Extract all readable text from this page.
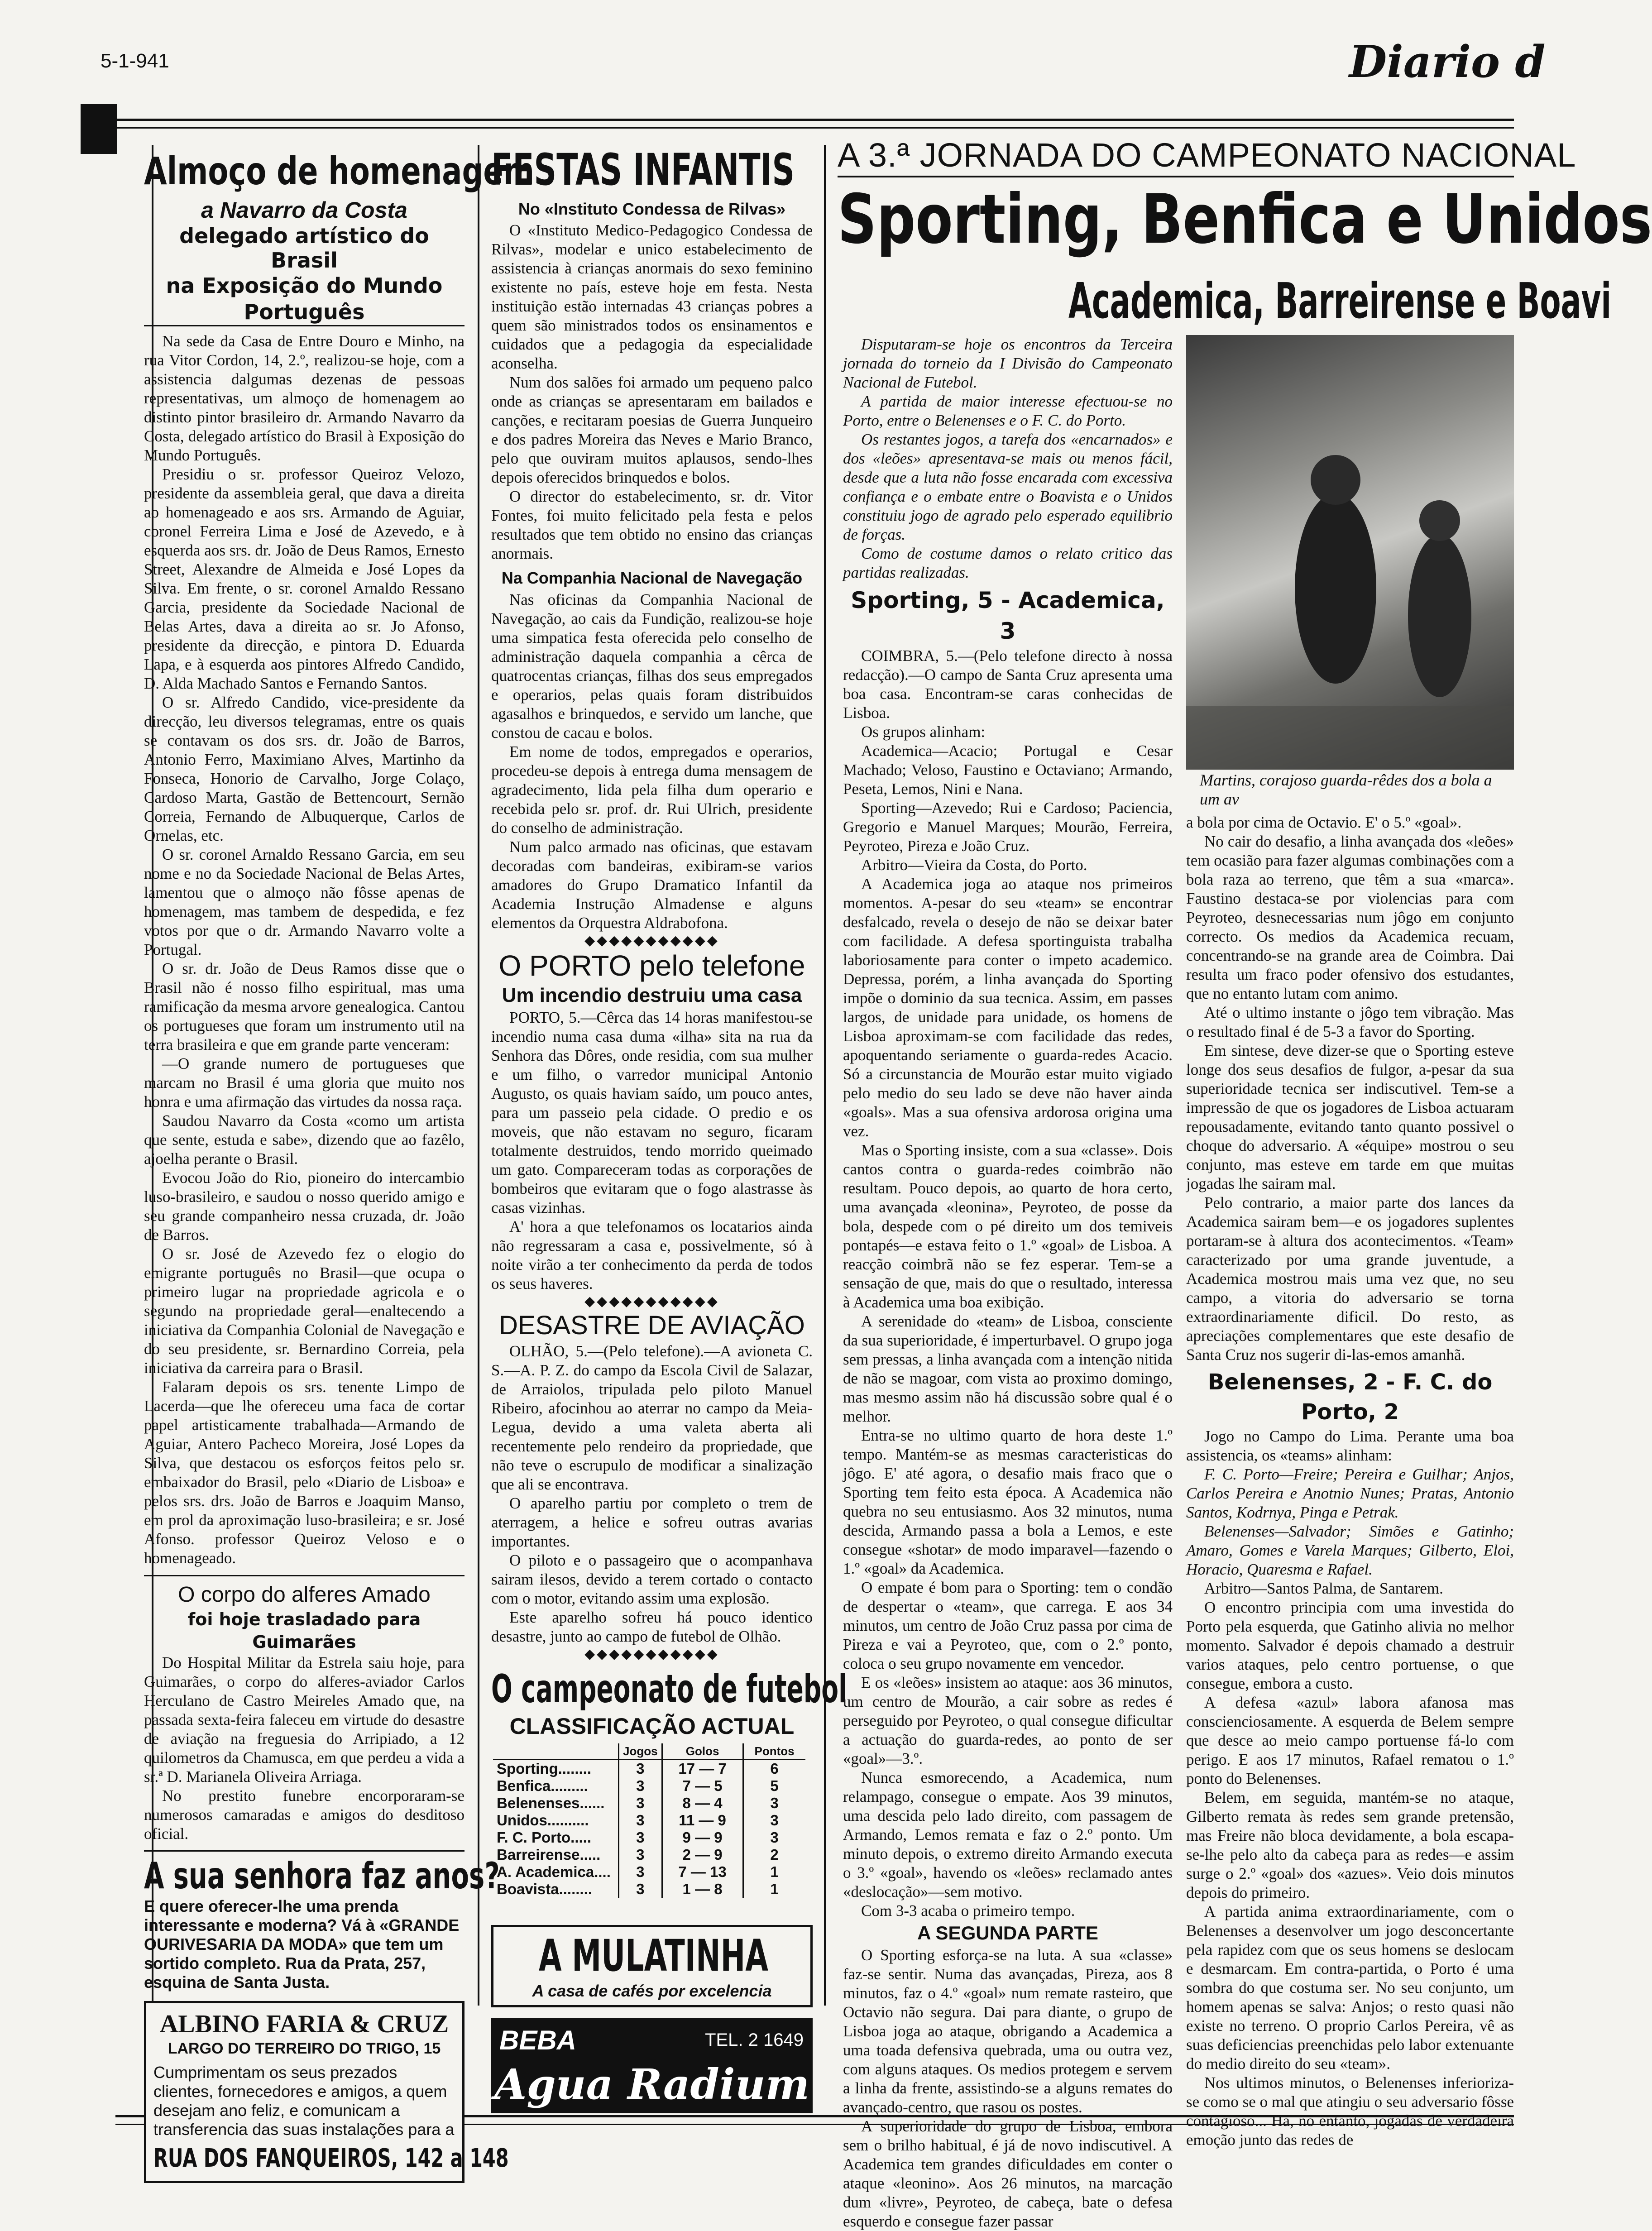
5-1-941	Diario d
Almoço de homenagem
a Navarro da Costa
delegado artístico do Brasil
na Exposição do Mundo Português

Na sede da Casa de Entre Douro e Minho, na rua Vitor Cordon, 14, 2.º, realizou-se hoje, com a assistencia dalgumas dezenas de pessoas representativas, um almoço de homenagem ao distinto pintor brasileiro dr. Armando Navarro da Costa, delegado artístico do Brasil à Exposição do Mundo Português.

Presidiu o sr. professor Queiroz Velozo, presidente da assembleia geral, que dava a direita ao homenageado e aos srs. Armando de Aguiar, coronel Ferreira Lima e José de Azevedo, e à esquerda aos srs. dr. João de Deus Ramos, Ernesto Street, Alexandre de Almeida e José Lopes da Silva. Em frente, o sr. coronel Arnaldo Ressano Garcia, presidente da Sociedade Nacional de Belas Artes, dava a direita ao sr. Jo Afonso, presidente da direcção, e pintora D. Eduarda Lapa, e à esquerda aos pintores Alfredo Candido, D. Alda Machado Santos e Fernando Santos.

O sr. Alfredo Candido, vice-presidente da direcção, leu diversos telegramas, entre os quais se contavam os dos srs. dr. João de Barros, Antonio Ferro, Maximiano Alves, Martinho da Fonseca, Honorio de Carvalho, Jorge Colaço, Cardoso Marta, Gastão de Bettencourt, Sernão Correia, Fernando de Albuquerque, Carlos de Ornelas, etc.

O sr. coronel Arnaldo Ressano Garcia, em seu nome e no da Sociedade Nacional de Belas Artes, lamentou que o almoço não fôsse apenas de homenagem, mas tambem de despedida, e fez votos por que o dr. Armando Navarro volte a Portugal.

O sr. dr. João de Deus Ramos disse que o Brasil não é nosso filho espiritual, mas uma ramificação da mesma arvore genealogica. Cantou os portugueses que foram um instrumento util na terra brasileira e que em grande parte venceram:

—O grande numero de portugueses que marcam no Brasil é uma gloria que muito nos honra e uma afirmação das virtudes da nossa raça.

Saudou Navarro da Costa «como um artista que sente, estuda e sabe», dizendo que ao fazêlo, ajoelha perante o Brasil.

Evocou João do Rio, pioneiro do intercambio luso-brasileiro, e saudou o nosso querido amigo e seu grande companheiro nessa cruzada, dr. João de Barros.

O sr. José de Azevedo fez o elogio do emigrante português no Brasil—que ocupa o primeiro lugar na propriedade agricola e o segundo na propriedade geral—enaltecendo a iniciativa da Companhia Colonial de Navegação e do seu presidente, sr. Bernardino Correia, pela iniciativa da carreira para o Brasil.

Falaram depois os srs. tenente Limpo de Lacerda—que lhe ofereceu uma faca de cortar papel artisticamente trabalhada—Armando de Aguiar, Antero Pacheco Moreira, José Lopes da Silva, que destacou os esforços feitos pelo sr. embaixador do Brasil, pelo «Diario de Lisboa» e pelos srs. drs. João de Barros e Joaquim Manso, em prol da aproximação luso-brasileira; e sr. José Afonso. professor Queiroz Veloso e o homenageado.

O corpo do alferes Amado
foi hoje trasladado para Guimarães

Do Hospital Militar da Estrela saiu hoje, para Guimarães, o corpo do alferes-aviador Carlos Herculano de Castro Meireles Amado que, na passada sexta-feira faleceu em virtude do desastre de aviação na freguesia do Arripiado, a 12 quilometros da Chamusca, em que perdeu a vida a sr.ª D. Marianela Oliveira Arriaga.

No prestito funebre encorporaram-se numerosos camaradas e amigos do desditoso oficial.

A sua senhora faz anos?
E quere oferecer-lhe uma prenda interessante e moderna? Vá à «GRANDE OURIVESARIA DA MODA» que tem um sortido completo. Rua da Prata, 257, esquina de Santa Justa.
ALBINO FARIA & CRUZ
LARGO DO TERREIRO DO TRIGO, 15
Cumprimentam os seus prezados clientes, fornecedores e amigos, a quem desejam ano feliz, e comunicam a transferencia das suas instalações para a
RUA DOS FANQUEIROS, 142 a 148
FESTAS INFANTIS
No «Instituto Condessa de Rilvas»

O «Instituto Medico-Pedagogico Condessa de Rilvas», modelar e unico estabelecimento de assistencia à crianças anormais do sexo feminino existente no país, esteve hoje em festa. Nesta instituição estão internadas 43 crianças pobres a quem são ministrados todos os ensinamentos e cuidados que a pedagogia da especialidade aconselha.

Num dos salões foi armado um pequeno palco onde as crianças se apresentaram em bailados e canções, e recitaram poesias de Guerra Junqueiro e dos padres Moreira das Neves e Mario Branco, pelo que ouviram muitos aplausos, sendo-lhes depois oferecidos brinquedos e bolos.

O director do estabelecimento, sr. dr. Vitor Fontes, foi muito felicitado pela festa e pelos resultados que tem obtido no ensino das crianças anormais.

Na Companhia Nacional de Navegação

Nas oficinas da Companhia Nacional de Navegação, ao cais da Fundição, realizou-se hoje uma simpatica festa oferecida pelo conselho de administração daquela companhia a cêrca de quatrocentas crianças, filhas dos seus empregados e operarios, pelas quais foram distribuidos agasalhos e brinquedos, e servido um lanche, que constou de cacau e bolos.

Em nome de todos, empregados e operarios, procedeu-se depois à entrega duma mensagem de agradecimento, lida pela filha dum operario e recebida pelo sr. prof. dr. Rui Ulrich, presidente do conselho de administração.

Num palco armado nas oficinas, que estavam decoradas com bandeiras, exibiram-se varios amadores do Grupo Dramatico Infantil da Academia Instrução Almadense e alguns elementos da Orquestra Aldrabofona.

◆◆◆◆◆◆◆◆◆◆◆
O PORTO pelo telefone
Um incendio destruiu uma casa

PORTO, 5.—Cêrca das 14 horas manifestou-se incendio numa casa duma «ilha» sita na rua da Senhora das Dôres, onde residia, com sua mulher e um filho, o varredor municipal Antonio Augusto, os quais haviam saído, um pouco antes, para um passeio pela cidade. O predio e os moveis, que não estavam no seguro, ficaram totalmente destruidos, tendo morrido queimado um gato. Compareceram todas as corporações de bombeiros que evitaram que o fogo alastrasse às casas vizinhas.

A' hora a que telefonamos os locatarios ainda não regressaram a casa e, possivelmente, só à noite virão a ter conhecimento da perda de todos os seus haveres.

◆◆◆◆◆◆◆◆◆◆◆
DESASTRE DE AVIAÇÃO

OLHÃO, 5.—(Pelo telefone).—A avioneta C. S.—A. P. Z. do campo da Escola Civil de Salazar, de Arraiolos, tripulada pelo piloto Manuel Ribeiro, afocinhou ao aterrar no campo da Meia-Legua, devido a uma valeta aberta ali recentemente pelo rendeiro da propriedade, que não teve o escrupulo de modificar a sinalização que ali se encontrava.

O aparelho partiu por completo o trem de aterragem, a helice e sofreu outras avarias importantes.

O piloto e o passageiro que o acompanhava sairam ilesos, devido a terem cortado o contacto com o motor, evitando assim uma explosão.

Este aparelho sofreu há pouco identico desastre, junto ao campo de futebol de Olhão.

◆◆◆◆◆◆◆◆◆◆◆
O campeonato de futebol
CLASSIFICAÇÃO ACTUAL
	Jogos	Golos	Pontos
Sporting........	3	17 — 7	6
Benfica.........	3	7 — 5	5
Belenenses......	3	8 — 4	3
Unidos..........	3	11 — 9	3
F. C. Porto.....	3	9 — 9	3
Barreirense.....	3	2 — 9	2
A. Academica....	3	7 — 13	1
Boavista........	3	1 — 8	1
A MULATINHA
A casa de cafés por excelencia
BEBA	TEL. 2 1649
Agua Radium
A 3.ª JORNADA DO CAMPEONATO NACIONAL
Sporting, Benfica e Unidos
Academica, Barreirense e Boavi

Disputaram-se hoje os encontros da Terceira jornada do torneio da I Divisão do Campeonato Nacional de Futebol.

A partida de maior interesse efectuou-se no Porto, entre o Belenenses e o F. C. do Porto.

Os restantes jogos, a tarefa dos «encarnados» e dos «leões» apresentava-se mais ou menos fácil, desde que a luta não fosse encarada com excessiva confiança e o embate entre o Boavista e o Unidos constituiu jogo de agrado pelo esperado equilibrio de forças.

Como de costume damos o relato critico das partidas realizadas.

Sporting, 5 - Academica, 3

COIMBRA, 5.—(Pelo telefone directo à nossa redacção).—O campo de Santa Cruz apresenta uma boa casa. Encontram-se caras conhecidas de Lisboa.

Os grupos alinham:

Academica—Acacio; Portugal e Cesar Machado; Veloso, Faustino e Octaviano; Armando, Peseta, Lemos, Nini e Nana.

Sporting—Azevedo; Rui e Cardoso; Paciencia, Gregorio e Manuel Marques; Mourão, Ferreira, Peyroteo, Pireza e João Cruz.

Arbitro—Vieira da Costa, do Porto.

A Academica joga ao ataque nos primeiros momentos. A-pesar do seu «team» se encontrar desfalcado, revela o desejo de não se deixar bater com facilidade. A defesa sportinguista trabalha laboriosamente para conter o impeto academico. Depressa, porém, a linha avançada do Sporting impõe o dominio da sua tecnica. Assim, em passes largos, de unidade para unidade, os homens de Lisboa aproximam-se com facilidade das redes, apoquentando seriamente o guarda-redes Acacio. Só a circunstancia de Mourão estar muito vigiado pelo medio do seu lado se deve não haver ainda «goals». Mas a sua ofensiva ardorosa origina uma vez.

Mas o Sporting insiste, com a sua «classe». Dois cantos contra o guarda-redes coimbrão não resultam. Pouco depois, ao quarto de hora certo, uma avançada «leonina», Peyroteo, de posse da bola, despede com o pé direito um dos temiveis pontapés—e estava feito o 1.º «goal» de Lisboa. A reacção coimbrã não se fez esperar. Tem-se a sensação de que, mais do que o resultado, interessa à Academica uma boa exibição.

A serenidade do «team» de Lisboa, consciente da sua superioridade, é imperturbavel. O grupo joga sem pressas, a linha avançada com a intenção nitida de não se magoar, com vista ao proximo domingo, mas mesmo assim não há discussão sobre qual é o melhor.

Entra-se no ultimo quarto de hora deste 1.º tempo. Mantém-se as mesmas caracteristicas do jôgo. E' até agora, o desafio mais fraco que o Sporting tem feito esta época. A Academica não quebra no seu entusiasmo. Aos 32 minutos, numa descida, Armando passa a bola a Lemos, e este consegue «shotar» de modo imparavel—fazendo o 1.º «goal» da Academica.

O empate é bom para o Sporting: tem o condão de despertar o «team», que carrega. E aos 34 minutos, um centro de João Cruz passa por cima de Pireza e vai a Peyroteo, que, com o 2.º ponto, coloca o seu grupo novamente em vencedor.

E os «leões» insistem ao ataque: aos 36 minutos, um centro de Mourão, a cair sobre as redes é perseguido por Peyroteo, o qual consegue dificultar a actuação do guarda-redes, ao ponto de ser «goal»—3.º.

Nunca esmorecendo, a Academica, num relampago, consegue o empate. Aos 39 minutos, uma descida pelo lado direito, com passagem de Armando, Lemos remata e faz o 2.º ponto. Um minuto depois, o extremo direito Armando executa o 3.º «goal», havendo os «leões» reclamado antes «deslocação»—sem motivo.

Com 3-3 acaba o primeiro tempo.

A SEGUNDA PARTE

O Sporting esforça-se na luta. A sua «classe» faz-se sentir. Numa das avançadas, Pireza, aos 8 minutos, faz o 4.º «goal» num remate rasteiro, que Octavio não segura. Dai para diante, o grupo de Lisboa joga ao ataque, obrigando a Academica a uma toada defensiva quebrada, uma ou outra vez, com alguns ataques. Os medios protegem e servem a linha da frente, assistindo-se a alguns remates do avançado-centro, que rasou os postes.

A superioridade do grupo de Lisboa, embora sem o brilho habitual, é já de novo indiscutivel. A Academica tem grandes dificuldades em conter o ataque «leonino». Aos 26 minutos, na marcação dum «livre», Peyroteo, de cabeça, bate o defesa esquerdo e consegue fazer passar

Martins, corajoso guarda-rêdes dos a bola a um av

a bola por cima de Octavio. E' o 5.º «goal».

No cair do desafio, a linha avançada dos «leões» tem ocasião para fazer algumas combinações com a bola raza ao terreno, que têm a sua «marca». Faustino destaca-se por violencias para com Peyroteo, desnecessarias num jôgo em conjunto correcto. Os medios da Academica recuam, concentrando-se na grande area de Coimbra. Dai resulta um fraco poder ofensivo dos estudantes, que no entanto lutam com animo.

Até o ultimo instante o jôgo tem vibração. Mas o resultado final é de 5-3 a favor do Sporting.

Em sintese, deve dizer-se que o Sporting esteve longe dos seus desafios de fulgor, a-pesar da sua superioridade tecnica ser indiscutivel. Tem-se a impressão de que os jogadores de Lisboa actuaram repousadamente, evitando tanto quanto possivel o choque do adversario. A «équipe» mostrou o seu conjunto, mas esteve em tarde em que muitas jogadas lhe sairam mal.

Pelo contrario, a maior parte dos lances da Academica sairam bem—e os jogadores suplentes portaram-se à altura dos acontecimentos. «Team» caracterizado por uma grande juventude, a Academica mostrou mais uma vez que, no seu campo, a vitoria do adversario se torna extraordinariamente dificil. Do resto, as apreciações complementares que este desafio de Santa Cruz nos sugerir di-las-emos amanhã.

Belenenses, 2 - F. C. do Porto, 2

Jogo no Campo do Lima. Perante uma boa assistencia, os «teams» alinham:

F. C. Porto—Freire; Pereira e Guilhar; Anjos, Carlos Pereira e Anotnio Nunes; Pratas, Antonio Santos, Kodrnya, Pinga e Petrak.

Belenenses—Salvador; Simões e Gatinho; Amaro, Gomes e Varela Marques; Gilberto, Eloi, Horacio, Quaresma e Rafael.

Arbitro—Santos Palma, de Santarem.

O encontro principia com uma investida do Porto pela esquerda, que Gatinho alivia no melhor momento. Salvador é depois chamado a destruir varios ataques, pelo centro portuense, o que consegue, embora a custo.

A defesa «azul» labora afanosa mas conscienciosamente. A esquerda de Belem sempre que desce ao meio campo portuense fá-lo com perigo. E aos 17 minutos, Rafael rematou o 1.º ponto do Belenenses.

Belem, em seguida, mantém-se no ataque, Gilberto remata às redes sem grande pretensão, mas Freire não bloca devidamente, a bola escapa-se-lhe pelo alto da cabeça para as redes—e assim surge o 2.º «goal» dos «azues». Veio dois minutos depois do primeiro.

A partida anima extraordinariamente, com o Belenenses a desenvolver um jogo desconcertante pela rapidez com que os seus homens se deslocam e desmarcam. Em contra-partida, o Porto é uma sombra do que costuma ser. No seu conjunto, um homem apenas se salva: Anjos; o resto quasi não existe no terreno. O proprio Carlos Pereira, vê as suas deficiencias preenchidas pelo labor extenuante do medio direito do seu «team».

Nos ultimos minutos, o Belenenses inferioriza-se como se o mal que atingiu o seu adversario fôsse contagioso... Ha, no entanto, jogadas de verdadeira emoção junto das redes de
